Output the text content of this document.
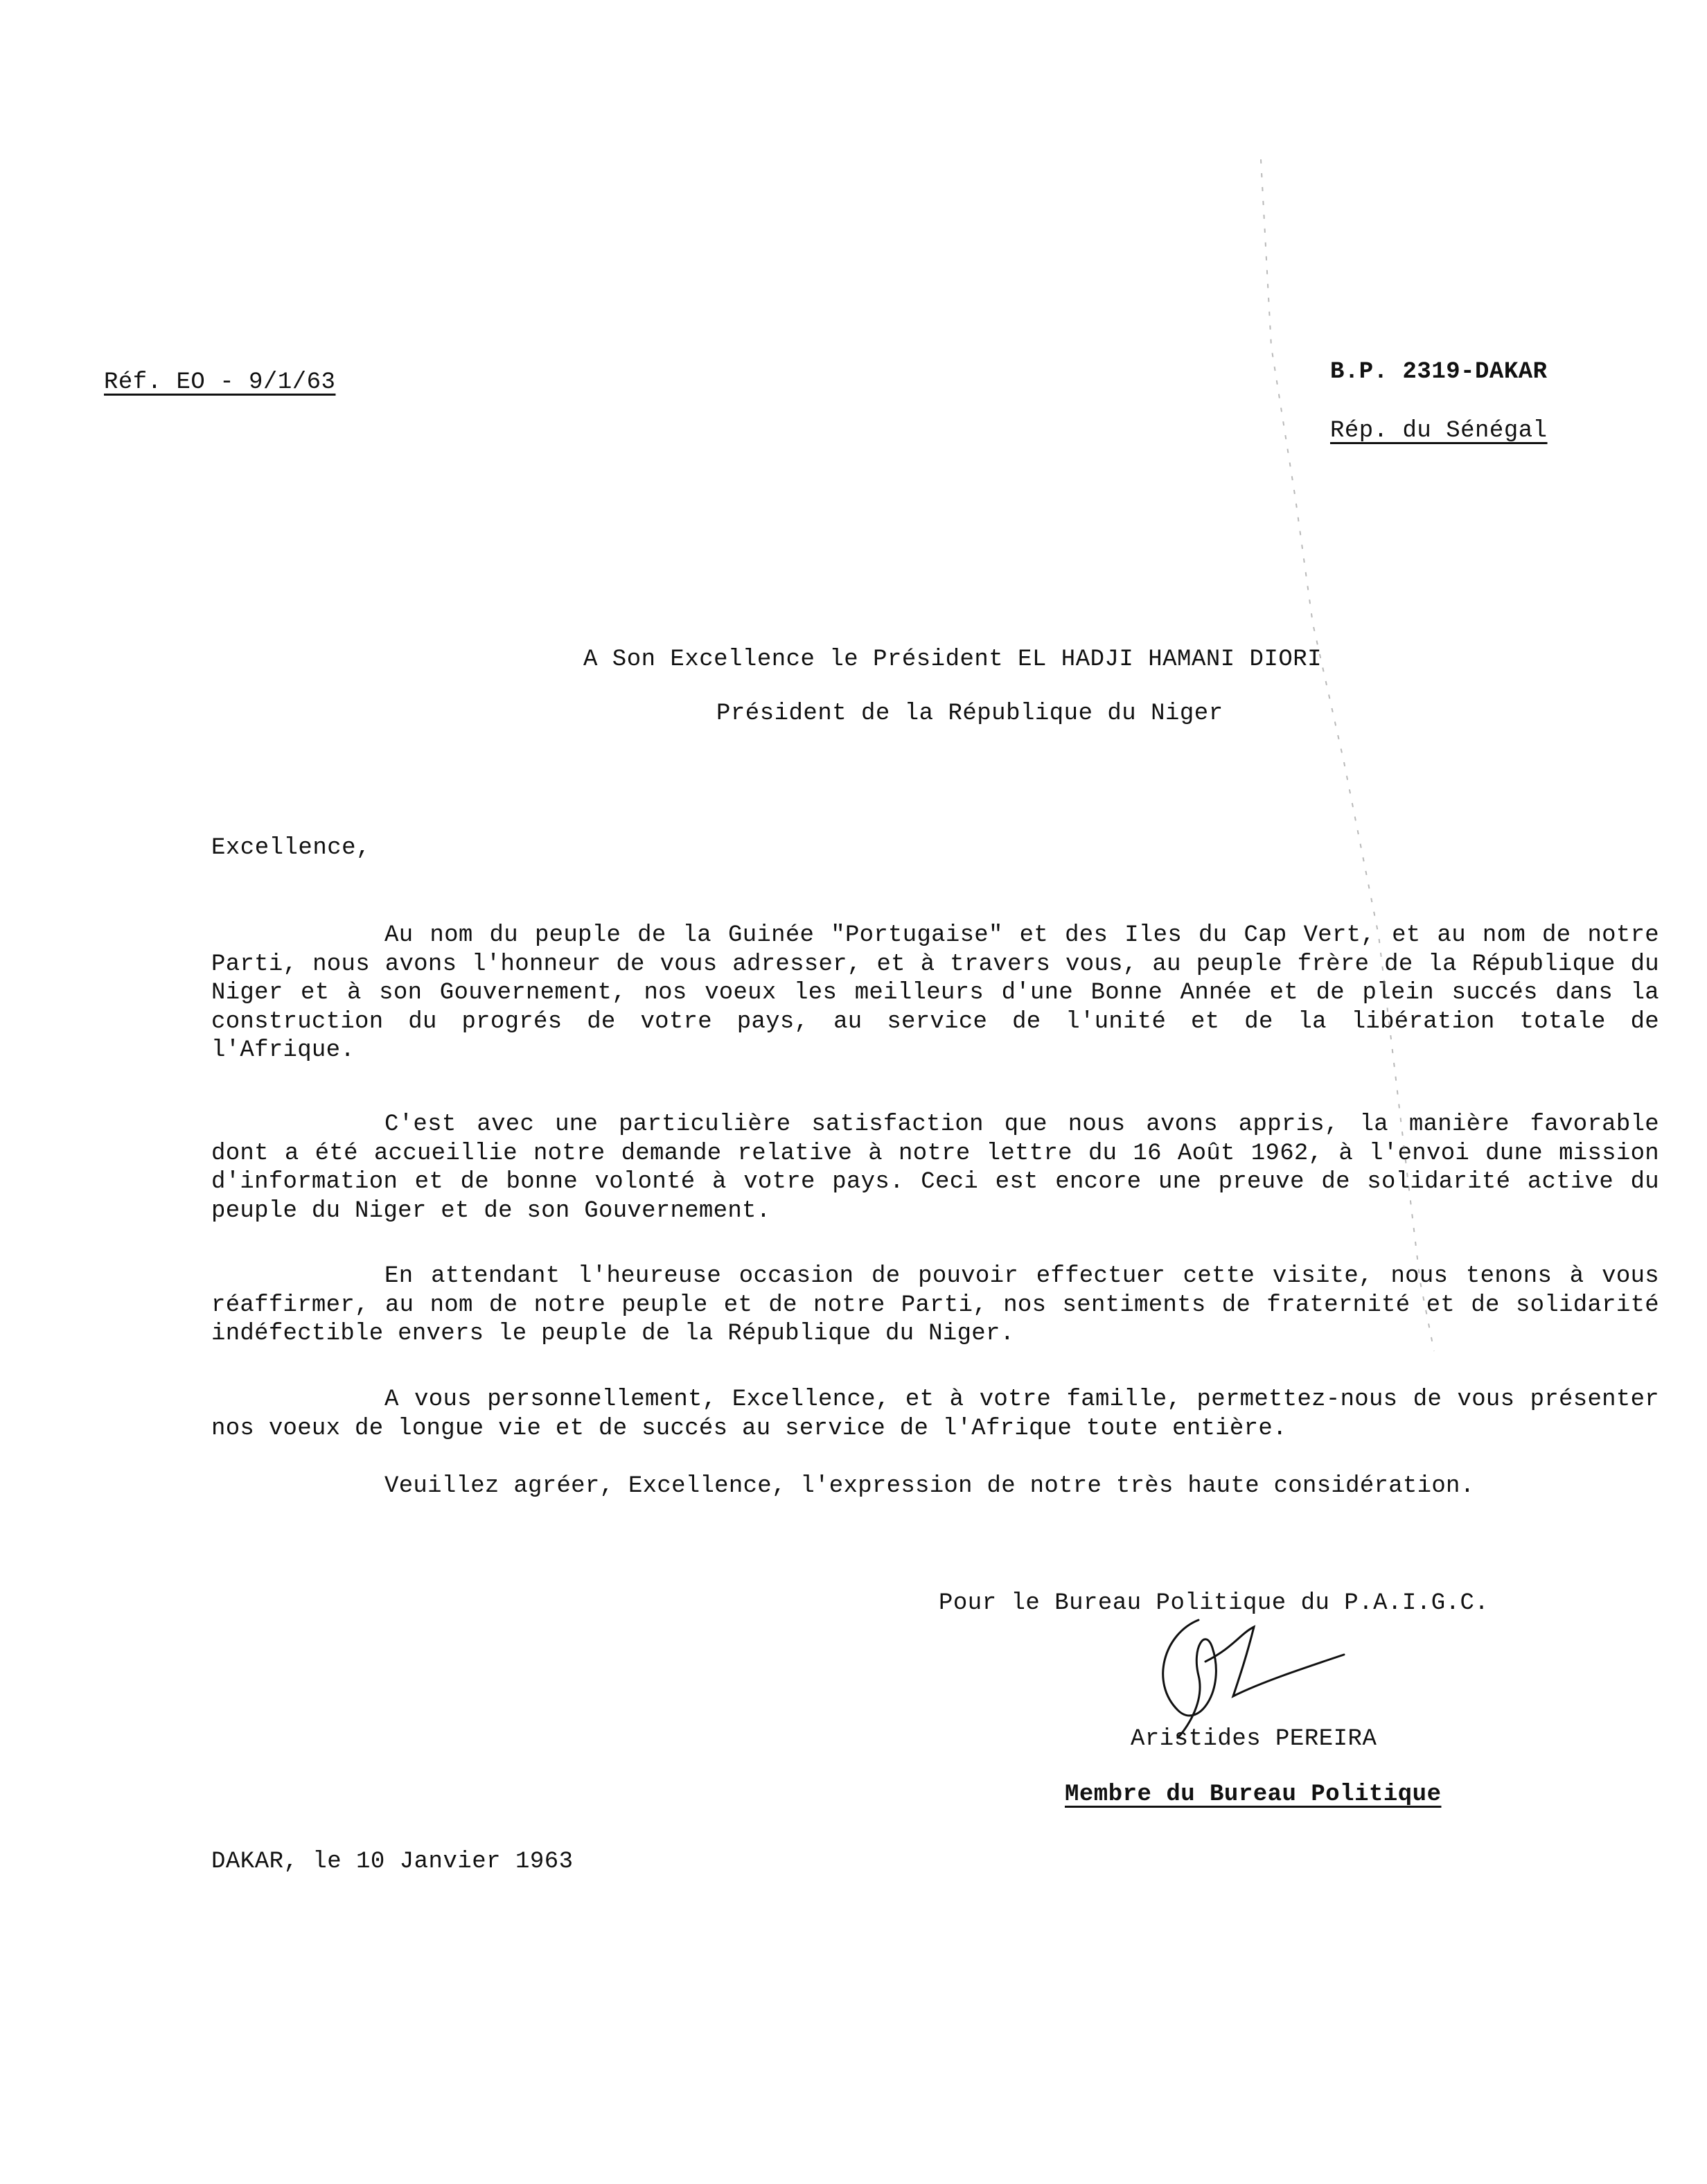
Réf. EO - 9/1/63	B.P. 2319-DAKAR
Rép. du Sénégal
A Son Excellence le Président EL HADJI HAMANI DIORI
Président de la République du Niger
Excellence,
Au nom du peuple de la Guinée "Portugaise" et des Iles du Cap Vert, et au nom de notre Parti, nous avons l'honneur de vous adresser, et à travers vous, au peuple frère de la République du Niger et à son Gouvernement, nos voeux les meilleurs d'une Bonne Année et de plein succés dans la construction du progrés de votre pays, au service de l'unité et de la libération totale de l'Afrique.
C'est avec une particulière satisfaction que nous avons appris, la manière favorable dont a été accueillie notre demande relative à notre lettre du 16 Août 1962, à l'envoi dune mission d'information et de bonne volonté à votre pays. Ceci est encore une preuve de solidarité active du peuple du Niger et de son Gouvernement.
En attendant l'heureuse occasion de pouvoir effectuer cette visite, nous tenons à vous réaffirmer, au nom de notre peuple et de notre Parti, nos sentiments de fraternité et de solidarité indéfectible envers le peuple de la République du Niger.
A vous personnellement, Excellence, et à votre famille, permettez-nous de vous présenter nos voeux de longue vie et de succés au service de l'Afrique toute entière.
Veuillez agréer, Excellence, l'expression de notre très haute considération.
Pour le Bureau Politique du P.A.I.G.C.
Aristides PEREIRA
Membre du Bureau Politique
DAKAR, le 10 Janvier 1963
